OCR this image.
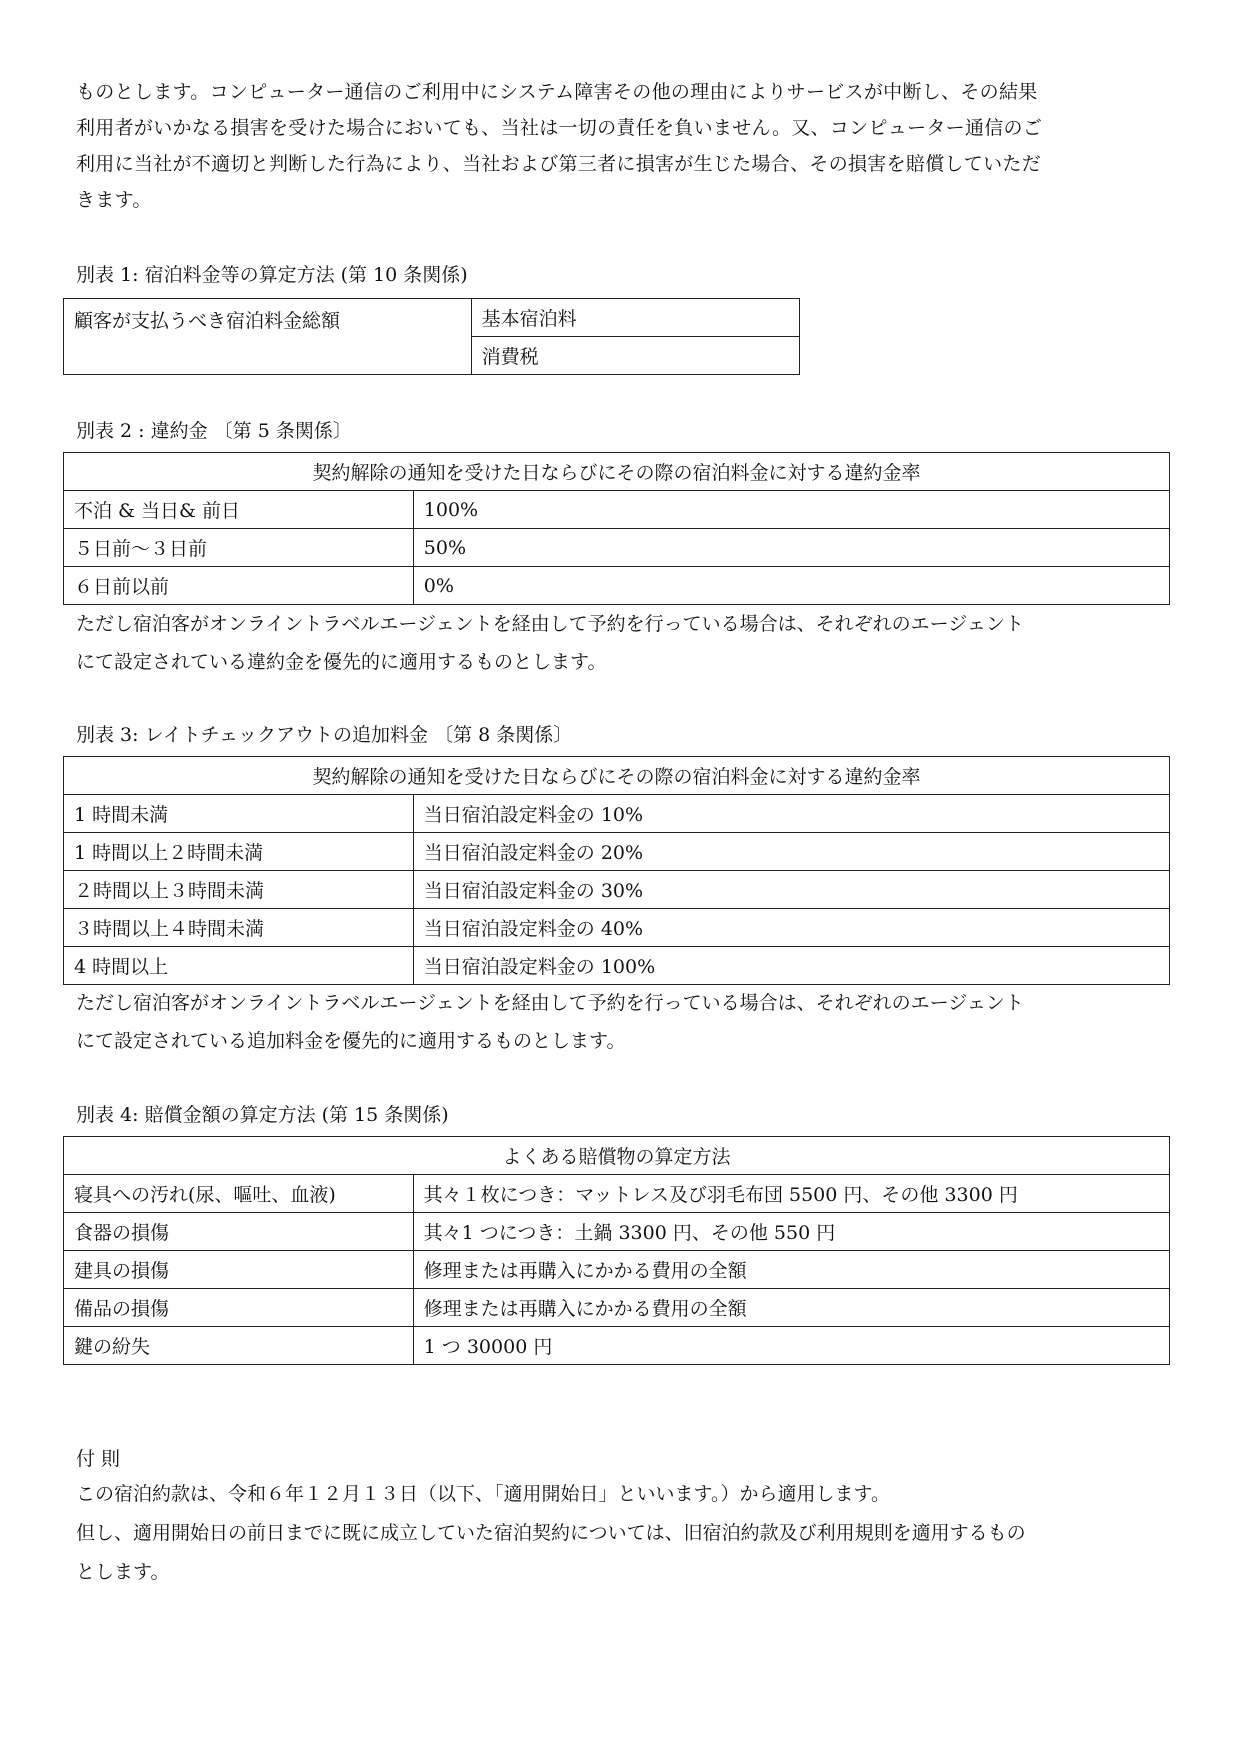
ものとします。コンピューター通信のご利用中にシステム障害その他の理由によりサービスが中断し、その結果
利用者がいかなる損害を受けた場合においても、当社は一切の責任を負いません。又、コンピューター通信のご
利用に当社が不適切と判断した行為により、当社および第三者に損害が生じた場合、その損害を賠償していただ
きます。
別表 1: 宿泊料金等の算定方法 (第 10 条関係)
顧客が支払うべき宿泊料金総額	基本宿泊料
消費税
別表 2 : 違約金 〔第 5 条関係〕
契約解除の通知を受けた日ならびにその際の宿泊料金に対する違約金率	
不泊 & 当日& 前日	100%
５日前～３日前	50%
６日前以前	0%
ただし宿泊客がオンライントラベルエージェントを経由して予約を行っている場合は、それぞれのエージェント
にて設定されている違約金を優先的に適用するものとします。
別表 3: レイトチェックアウトの追加料金 〔第 8 条関係〕
契約解除の通知を受けた日ならびにその際の宿泊料金に対する違約金率	
1 時間未満	当日宿泊設定料金の 10%
1 時間以上２時間未満	当日宿泊設定料金の 20%
２時間以上３時間未満	当日宿泊設定料金の 30%
３時間以上４時間未満	当日宿泊設定料金の 40%
4 時間以上	当日宿泊設定料金の 100%
ただし宿泊客がオンライントラベルエージェントを経由して予約を行っている場合は、それぞれのエージェント
にて設定されている追加料金を優先的に適用するものとします。
別表 4: 賠償金額の算定方法 (第 15 条関係)
よくある賠償物の算定方法	
寝具への汚れ(尿、嘔吐、血液)	其々１枚につき：マットレス及び羽毛布団 5500 円、その他 3300 円
食器の損傷	其々1 つにつき：土鍋 3300 円、その他 550 円
建具の損傷	修理または再購入にかかる費用の全額
備品の損傷	修理または再購入にかかる費用の全額
鍵の紛失	1 つ 30000 円
付 則
この宿泊約款は、令和６年１２月１３日（以下、「適用開始日」といいます。）から適用します。
但し、適用開始日の前日までに既に成立していた宿泊契約については、旧宿泊約款及び利用規則を適用するもの
とします。
